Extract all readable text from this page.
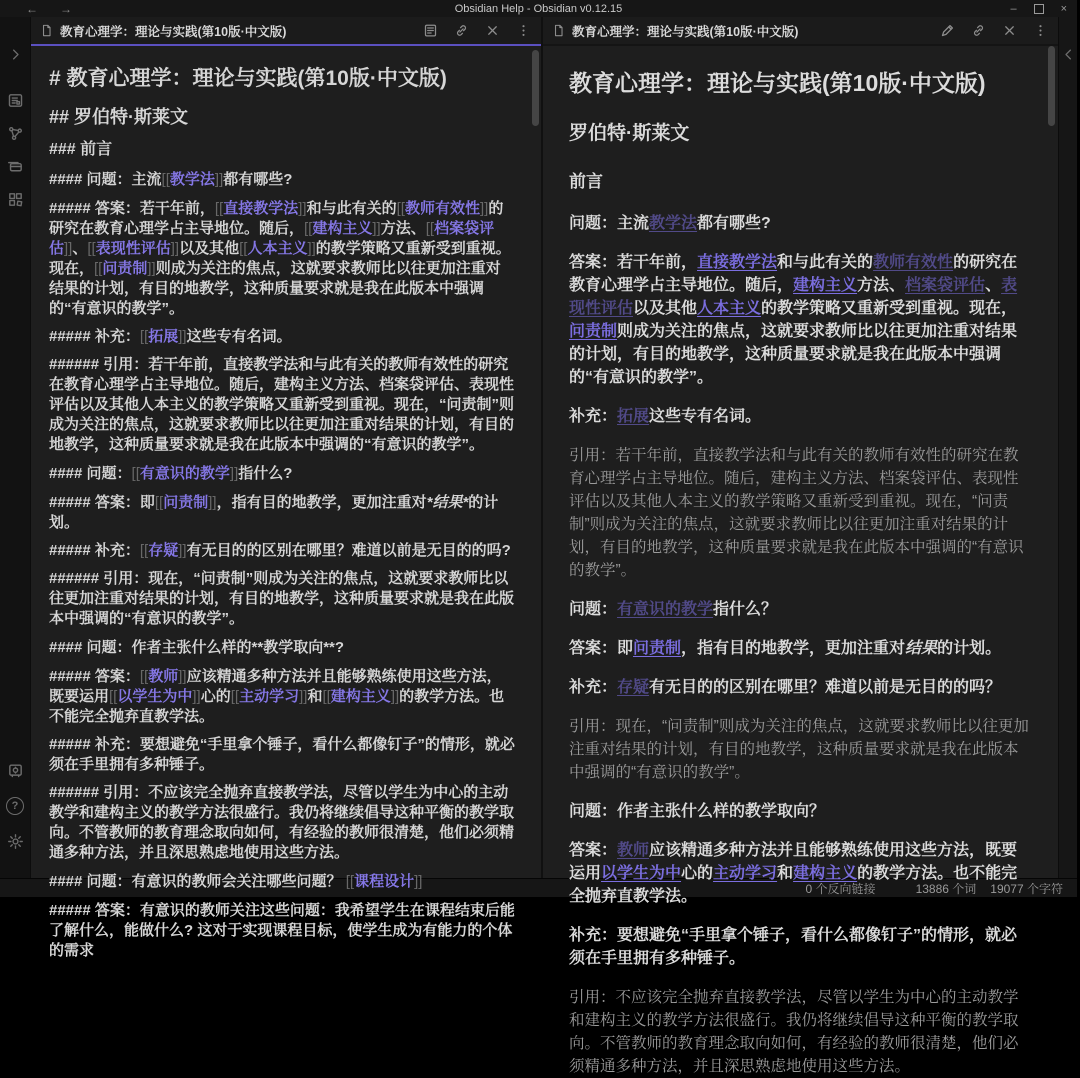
← →	Obsidian Help - Obsidian v0.12.15	–	×
?
教育心理学：理论与实践(第10版·中文版)
# 教育心理学：理论与实践(第10版·中文版)
## 罗伯特·斯莱文
### 前言
#### 问题：主流[[教学法]]都有哪些?
##### 答案：若干年前，[[直接教学法]]和与此有关的[[教师有效性]]的研究在教育心理学占主导地位。随后，[[建构主义]]方法、[[档案袋评估]]、[[表现性评估]]以及其他[[人本主义]]的教学策略又重新受到重视。现在，[[问责制]]则成为关注的焦点，这就要求教师比以往更加注重对结果的计划，有目的地教学，这种质量要求就是我在此版本中强调的“有意识的教学”。
##### 补充：[[拓展]]这些专有名词。
###### 引用：若干年前，直接教学法和与此有关的教师有效性的研究在教育心理学占主导地位。随后，建构主义方法、档案袋评估、表现性评估以及其他人本主义的教学策略又重新受到重视。现在，“问责制”则成为关注的焦点，这就要求教师比以往更加注重对结果的计划，有目的地教学，这种质量要求就是我在此版本中强调的“有意识的教学”。
#### 问题：[[有意识的教学]]指什么?
##### 答案：即[[问责制]]，指有目的地教学，更加注重对*结果*的计划。
##### 补充：[[存疑]]有无目的的区别在哪里？难道以前是无目的的吗?
###### 引用：现在，“问责制”则成为关注的焦点，这就要求教师比以往更加注重对结果的计划，有目的地教学，这种质量要求就是我在此版本中强调的“有意识的教学”。
#### 问题：作者主张什么样的**教学取向**?
##### 答案：[[教师]]应该精通多种方法并且能够熟练使用这些方法，既要运用[[以学生为中]]心的[[主动学习]]和[[建构主义]]的教学方法。也不能完全抛弃直教学法。
##### 补充：要想避免“手里拿个锤子，看什么都像钉子”的情形，就必须在手里拥有多种锤子。
###### 引用：不应该完全抛弃直接教学法，尽管以学生为中心的主动教学和建构主义的教学方法很盛行。我仍将继续倡导这种平衡的教学取向。不管教师的教育理念取向如何，有经验的教师很清楚，他们必须精通多种方法，并且深思熟虑地使用这些方法。
#### 问题：有意识的教师会关注哪些问题？ [[课程设计]]
##### 答案：有意识的教师关注这些问题：我希望学生在课程结束后能了解什么，能做什么? 这对于实现课程目标，使学生成为有能力的个体的需求
教育心理学：理论与实践(第10版·中文版)
教育心理学：理论与实践(第10版·中文版)
罗伯特·斯莱文
前言
问题：主流教学法都有哪些?
答案：若干年前，直接教学法和与此有关的教师有效性的研究在教育心理学占主导地位。随后，建构主义方法、档案袋评估、表现性评估以及其他人本主义的教学策略又重新受到重视。现在，问责制则成为关注的焦点，这就要求教师比以往更加注重对结果的计划，有目的地教学，这种质量要求就是我在此版本中强调的“有意识的教学”。
补充：拓展这些专有名词。
引用：若干年前，直接教学法和与此有关的教师有效性的研究在教育心理学占主导地位。随后，建构主义方法、档案袋评估、表现性评估以及其他人本主义的教学策略又重新受到重视。现在，“问责制”则成为关注的焦点，这就要求教师比以往更加注重对结果的计划，有目的地教学，这种质量要求就是我在此版本中强调的“有意识的教学”。
问题：有意识的教学指什么？
答案：即问责制，指有目的地教学，更加注重对结果的计划。
补充：存疑有无目的的区别在哪里？难道以前是无目的的吗？
引用：现在，“问责制”则成为关注的焦点，这就要求教师比以往更加注重对结果的计划，有目的地教学，这种质量要求就是我在此版本中强调的“有意识的教学”。
问题：作者主张什么样的教学取向？
答案：教师应该精通多种方法并且能够熟练使用这些方法，既要运用以学生为中心的主动学习和建构主义的教学方法。也不能完全抛弃直教学法。
补充：要想避免“手里拿个锤子，看什么都像钉子”的情形，就必须在手里拥有多种锤子。
引用：不应该完全抛弃直接教学法，尽管以学生为中心的主动教学和建构主义的教学方法很盛行。我仍将继续倡导这种平衡的教学取向。不管教师的教育理念取向如何，有经验的教师很清楚，他们必须精通多种方法，并且深思熟虑地使用这些方法。
0 个反向链接	13886 个词 19077 个字符
